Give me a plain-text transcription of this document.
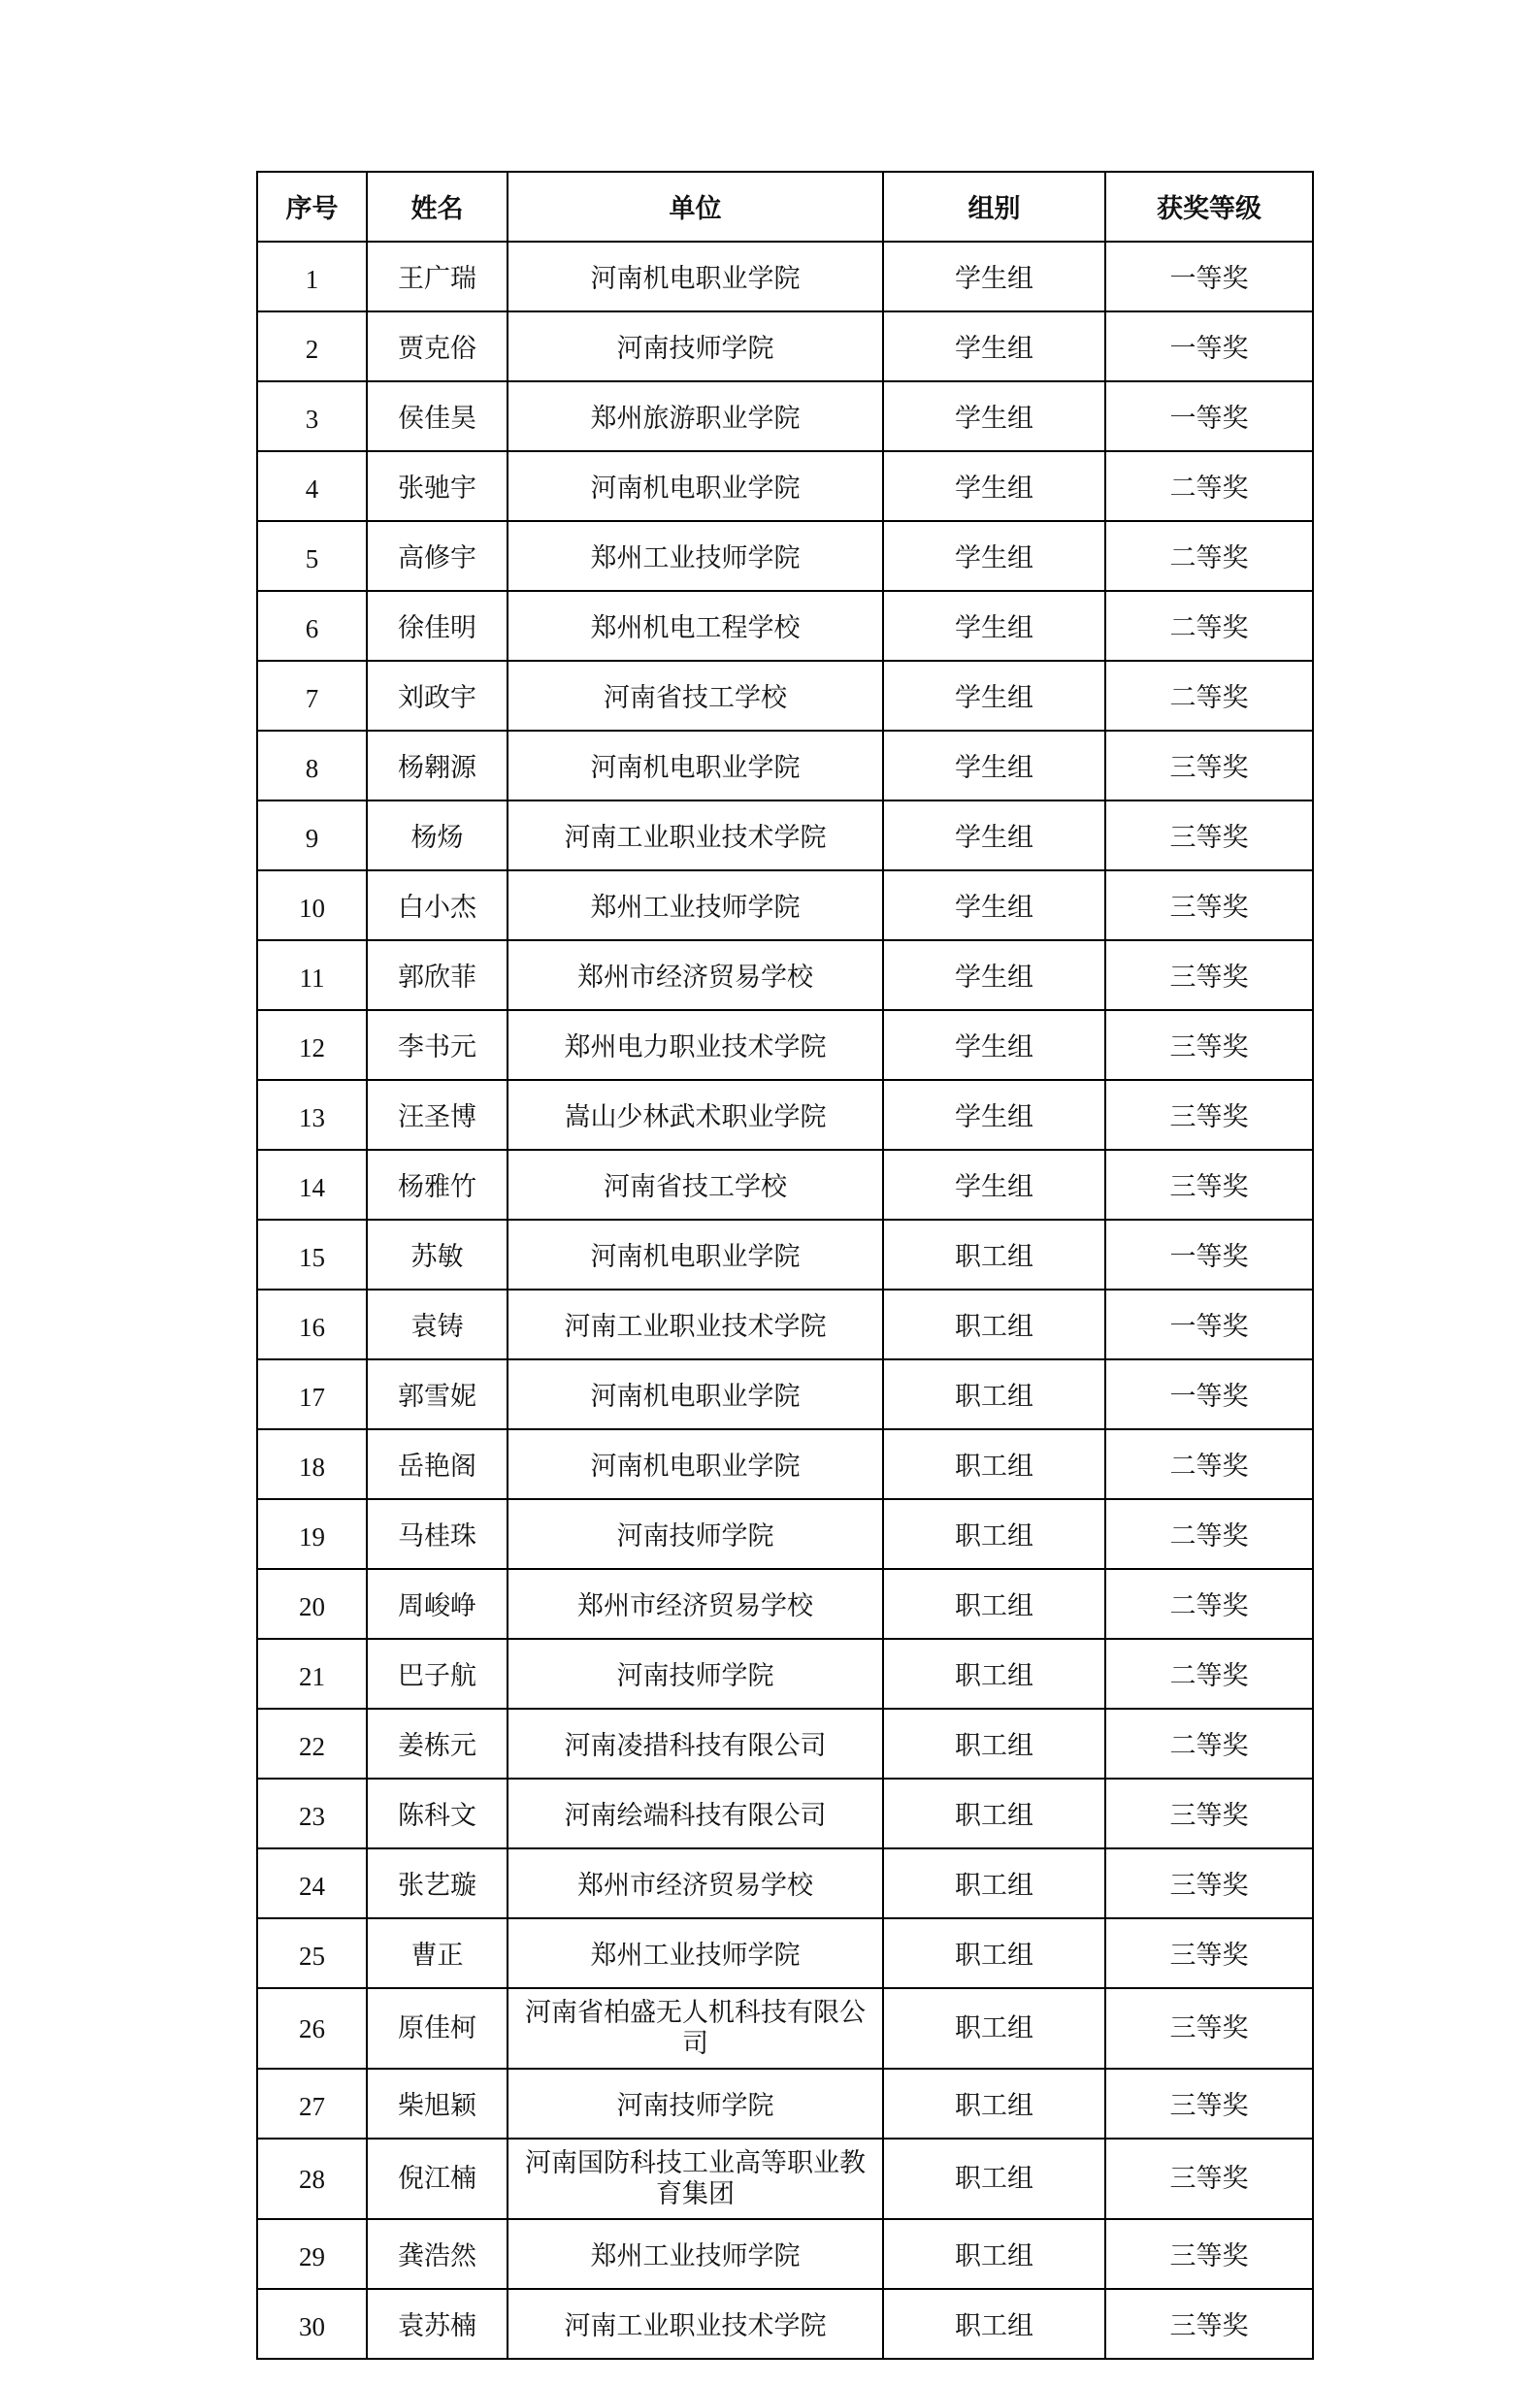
序号	姓名	单位	组别	获奖等级
1	王广瑞	河南机电职业学院	学生组	一等奖
2	贾克俗	河南技师学院	学生组	一等奖
3	侯佳昊	郑州旅游职业学院	学生组	一等奖
4	张驰宇	河南机电职业学院	学生组	二等奖
5	高修宇	郑州工业技师学院	学生组	二等奖
6	徐佳明	郑州机电工程学校	学生组	二等奖
7	刘政宇	河南省技工学校	学生组	二等奖
8	杨翱源	河南机电职业学院	学生组	三等奖
9	杨炀	河南工业职业技术学院	学生组	三等奖
10	白小杰	郑州工业技师学院	学生组	三等奖
11	郭欣菲	郑州市经济贸易学校	学生组	三等奖
12	李书元	郑州电力职业技术学院	学生组	三等奖
13	汪圣博	嵩山少林武术职业学院	学生组	三等奖
14	杨雅竹	河南省技工学校	学生组	三等奖
15	苏敏	河南机电职业学院	职工组	一等奖
16	袁铸	河南工业职业技术学院	职工组	一等奖
17	郭雪妮	河南机电职业学院	职工组	一等奖
18	岳艳阁	河南机电职业学院	职工组	二等奖
19	马桂珠	河南技师学院	职工组	二等奖
20	周峻峥	郑州市经济贸易学校	职工组	二等奖
21	巴子航	河南技师学院	职工组	二等奖
22	姜栋元	河南凌措科技有限公司	职工组	二等奖
23	陈科文	河南绘端科技有限公司	职工组	三等奖
24	张艺璇	郑州市经济贸易学校	职工组	三等奖
25	曹正	郑州工业技师学院	职工组	三等奖
26	原佳柯	河南省柏盛无人机科技有限公司	职工组	三等奖
27	柴旭颖	河南技师学院	职工组	三等奖
28	倪江楠	河南国防科技工业高等职业教育集团	职工组	三等奖
29	龚浩然	郑州工业技师学院	职工组	三等奖
30	袁苏楠	河南工业职业技术学院	职工组	三等奖
